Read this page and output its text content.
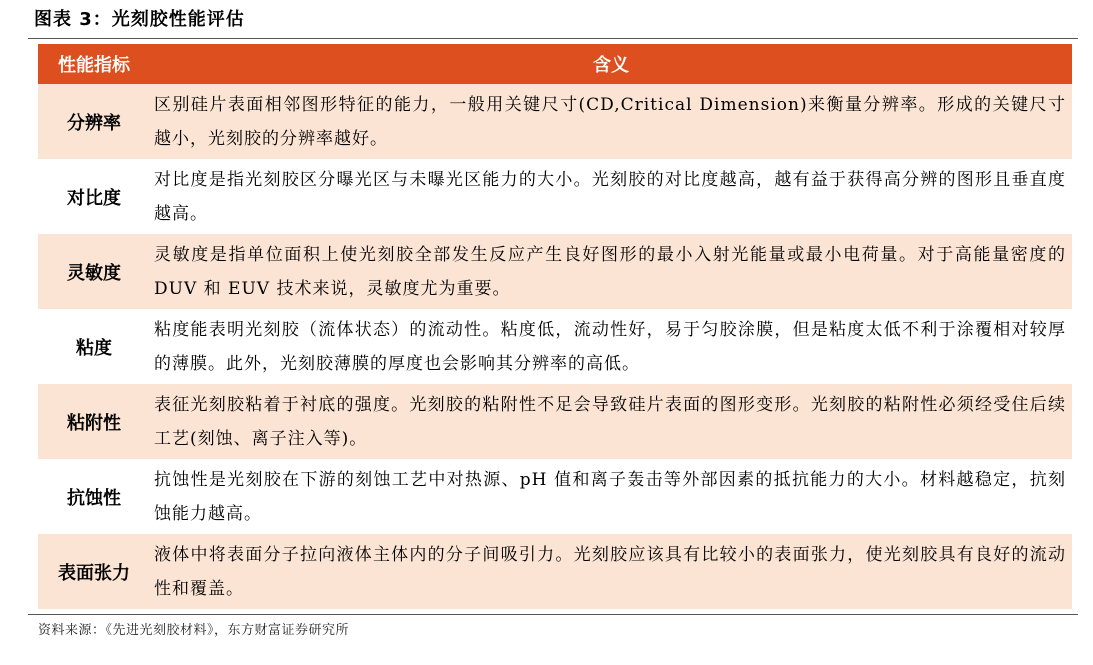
图表 3：光刻胶性能评估
性能指标	含义
分辨率	区别硅片表面相邻图形特征的能力，一般用关键尺寸(CD,Critical Dimension)来衡量分辨率。形成的关键尺寸越小，光刻胶的分辨率越好。
对比度	对比度是指光刻胶区分曝光区与未曝光区能力的大小。光刻胶的对比度越高，越有益于获得高分辨的图形且垂直度越高。
灵敏度	灵敏度是指单位面积上使光刻胶全部发生反应产生良好图形的最小入射光能量或最小电荷量。对于高能量密度的 DUV 和 EUV 技术来说，灵敏度尤为重要。
粘度	粘度能表明光刻胶（流体状态）的流动性。粘度低，流动性好，易于匀胶涂膜，但是粘度太低不利于涂覆相对较厚的薄膜。此外，光刻胶薄膜的厚度也会影响其分辨率的高低。
粘附性	表征光刻胶粘着于衬底的强度。光刻胶的粘附性不足会导致硅片表面的图形变形。光刻胶的粘附性必须经受住后续工艺(刻蚀、离子注入等)。
抗蚀性	抗蚀性是光刻胶在下游的刻蚀工艺中对热源、pH 值和离子轰击等外部因素的抵抗能力的大小。材料越稳定，抗刻蚀能力越高。
表面张力	液体中将表面分子拉向液体主体内的分子间吸引力。光刻胶应该具有比较小的表面张力，使光刻胶具有良好的流动性和覆盖。
资料来源：《先进光刻胶材料》，东方财富证券研究所
